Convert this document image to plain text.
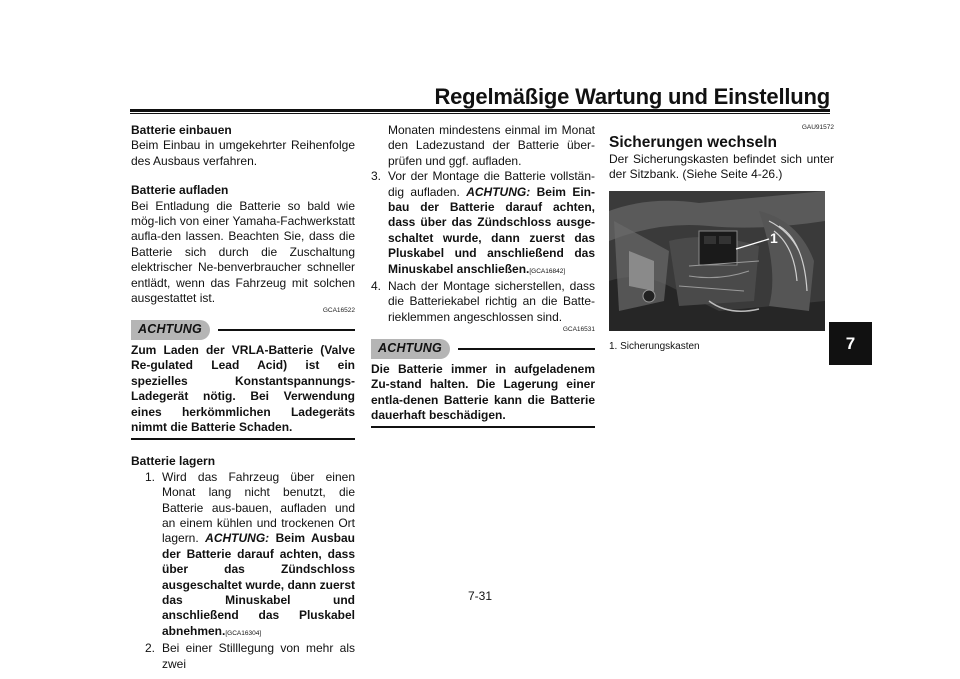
Regelmäßige Wartung und Einstellung
7
Batterie einbauen
Beim Einbau in umgekehrter Reihenfolge des Ausbaus verfahren.
Batterie aufladen
Bei Entladung die Batterie so bald wie mög-lich von einer Yamaha-Fachwerkstatt aufla-den lassen. Beachten Sie, dass die Batterie sich durch die Zuschaltung elektrischer Ne-benverbraucher schneller entlädt, wenn das Fahrzeug mit solchen ausgestattet ist.
GCA16522
ACHTUNG
Zum Laden der VRLA-Batterie (Valve Re-gulated Lead Acid) ist ein spezielles Konstantspannungs-Ladegerät nötig. Bei Verwendung eines herkömmlichen Ladegeräts nimmt die Batterie Schaden.
Batterie lagern
1. Wird das Fahrzeug über einen Monat lang nicht benutzt, die Batterie aus-bauen, aufladen und an einem kühlen und trockenen Ort lagern. ACHTUNG: Beim Ausbau der Batterie darauf achten, dass über das Zündschloss ausgeschaltet wurde, dann zuerst das Minuskabel und anschließend das Pluskabel abnehmen.[GCA16304]
2. Bei einer Stilllegung von mehr als zwei
Monaten mindestens einmal im Monat den Ladezustand der Batterie über-prüfen und ggf. aufladen.
3. Vor der Montage die Batterie vollstän-dig aufladen. ACHTUNG: Beim Ein-bau der Batterie darauf achten, dass über das Zündschloss ausge-schaltet wurde, dann zuerst das Pluskabel und anschließend das Minuskabel anschließen.[GCA16842]
4. Nach der Montage sicherstellen, dass die Batteriekabel richtig an die Batte-rieklemmen angeschlossen sind.
GCA16531
ACHTUNG
Die Batterie immer in aufgeladenem Zu-stand halten. Die Lagerung einer entla-denen Batterie kann die Batterie dauerhaft beschädigen.
GAU91572
Sicherungen wechseln
Der Sicherungskasten befindet sich unter der Sitzbank. (Siehe Seite 4-26.)
1
1. Sicherungskasten
7-31
